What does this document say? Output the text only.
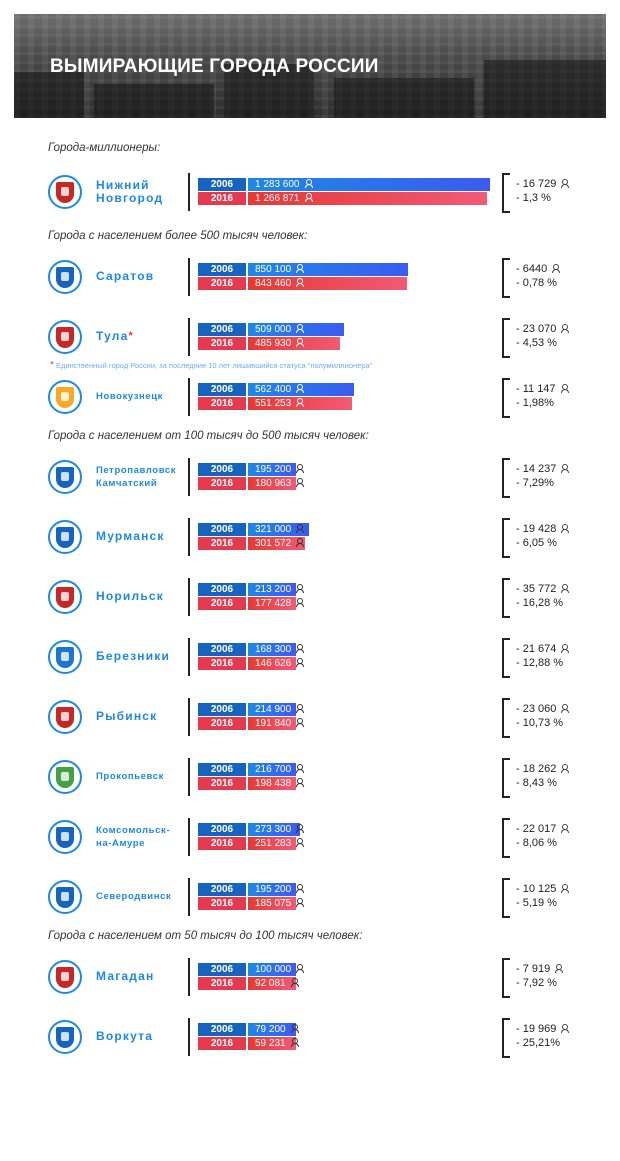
ВЫМИРАЮЩИЕ ГОРОДА РОССИИ
Города-миллионеры:
Города с населением более 500 тысяч человек:
Города с населением от 100 тысяч до 500 тысяч человек:
Города с населением от 50 тысяч до 100 тысяч человек:
* Единственный город России, за последние 10 лет лишившийся статуса "полумиллионера"
Нижний
Новгород
2006	1 283 600
2016	1 266 871
- 16 729
- 1,3 %
Саратов	2006	850 100
2016	843 460
- 6440
- 0,78 %
Тула*
2006	509 000
2016	485 930
- 23 070
- 4,53 %
Новокузнецк
2006	562 400
2016	551 253
- 11 147
- 1,98%
Петропавловск
Камчатский
2006	195 200
2016	180 963
- 14 237
- 7,29%
Мурманск	2006	321 000
2016	301 572
- 19 428
- 6,05 %
Норильск	2006	213 200
2016	177 428
- 35 772
- 16,28 %
Березники	2006	168 300
2016	146 626
- 21 674
- 12,88 %
Рыбинск	2006	214 900
2016	191 840
- 23 060
- 10,73 %
Прокопьевск
2006	216 700
2016	198 438
- 18 262
- 8,43 %
Комсомольск-
на-Амуре
2006	273 300
2016	251 283
- 22 017
- 8,06 %
Северодвинск
2006	195 200
2016	185 075
- 10 125
- 5,19 %
Магадан	2006	100 000
2016	92 081
- 7 919
- 7,92 %
Воркута	2006	79 200
2016	59 231
- 19 969
- 25,21%
